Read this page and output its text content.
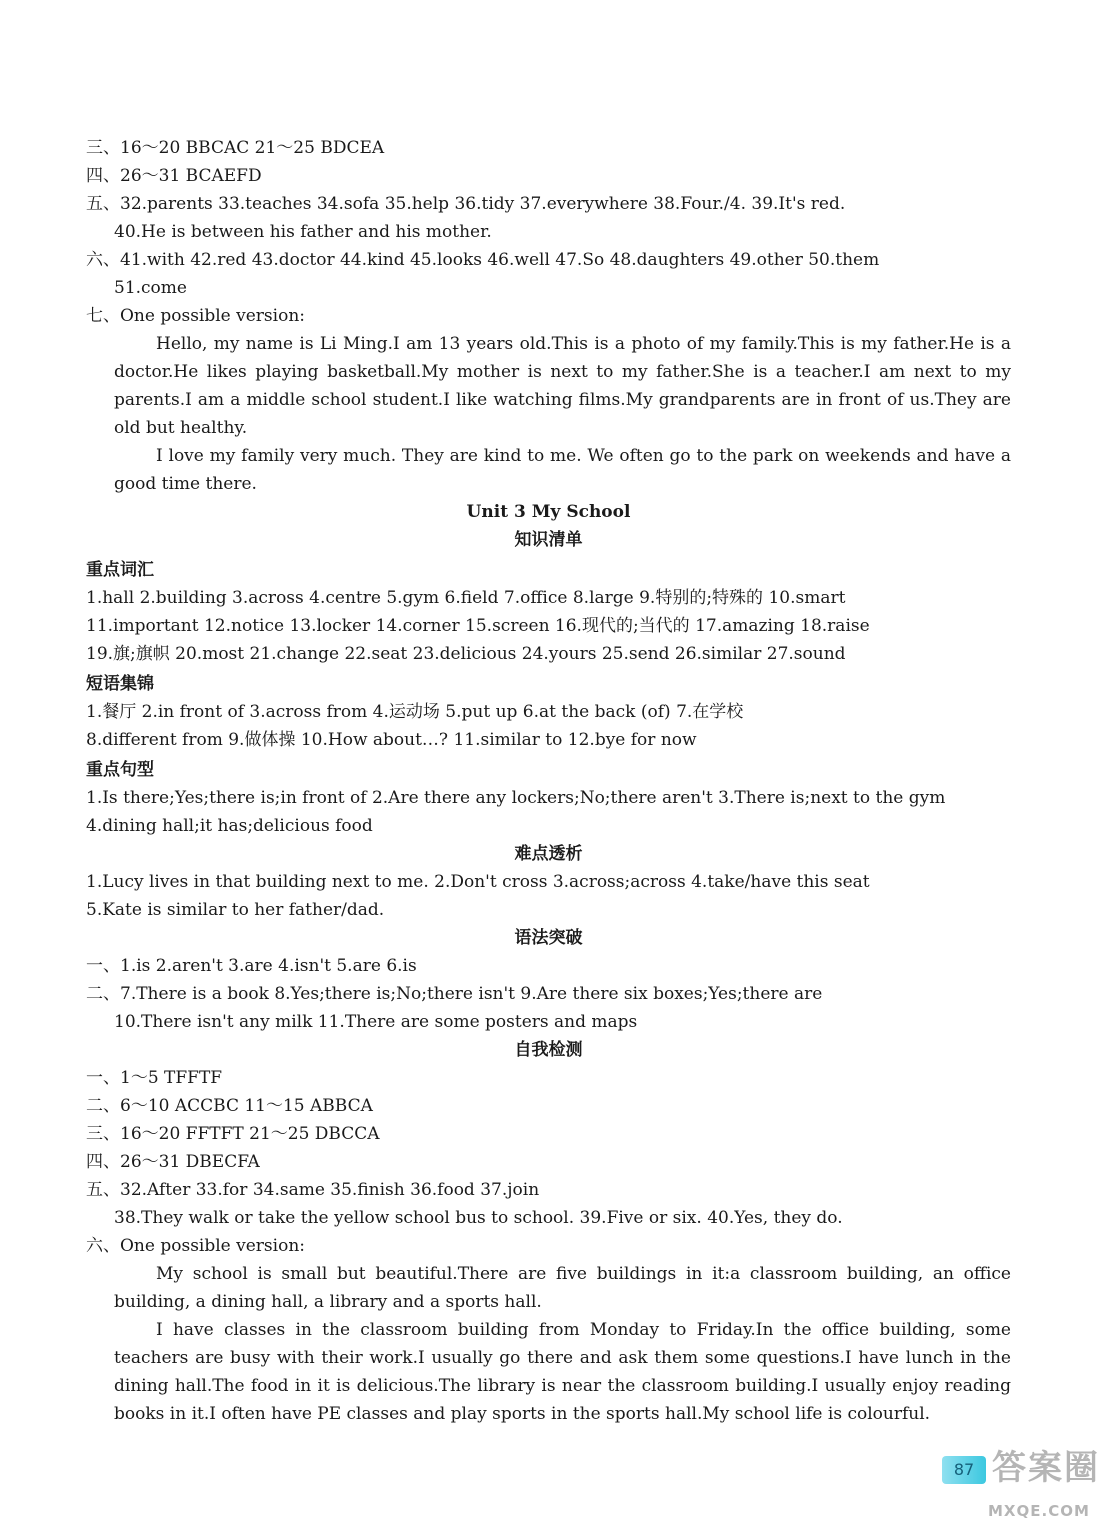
三、16～20 BBCAC 21～25 BDCEA
四、26～31 BCAEFD
五、32.parents 33.teaches 34.sofa 35.help 36.tidy 37.everywhere 38.Four./4. 39.It's red.
40.He is between his father and his mother.
六、41.with 42.red 43.doctor 44.kind 45.looks 46.well 47.So 48.daughters 49.other 50.them
51.come
七、One possible version:
Hello, my name is Li Ming.I am 13 years old.This is a photo of my family.This is my father.He is a doctor.He likes playing basketball.My mother is next to my father.She is a teacher.I am next to my parents.I am a middle school student.I like watching films.My grandparents are in front of us.They are old but healthy.
I love my family very much. They are kind to me. We often go to the park on weekends and have a good time there.
Unit 3 My School
知识清单
重点词汇
1.hall 2.building 3.across 4.centre 5.gym 6.field 7.office 8.large 9.特别的;特殊的 10.smart
11.important 12.notice 13.locker 14.corner 15.screen 16.现代的;当代的 17.amazing 18.raise
19.旗;旗帜 20.most 21.change 22.seat 23.delicious 24.yours 25.send 26.similar 27.sound
短语集锦
1.餐厅 2.in front of 3.across from 4.运动场 5.put up 6.at the back (of) 7.在学校
8.different from 9.做体操 10.How about…? 11.similar to 12.bye for now
重点句型
1.Is there;Yes;there is;in front of 2.Are there any lockers;No;there aren't 3.There is;next to the gym
4.dining hall;it has;delicious food
难点透析
1.Lucy lives in that building next to me. 2.Don't cross 3.across;across 4.take/have this seat
5.Kate is similar to her father/dad.
语法突破
一、1.is 2.aren't 3.are 4.isn't 5.are 6.is
二、7.There is a book 8.Yes;there is;No;there isn't 9.Are there six boxes;Yes;there are
10.There isn't any milk 11.There are some posters and maps
自我检测
一、1～5 TFFTF
二、6～10 ACCBC 11～15 ABBCA
三、16～20 FFTFT 21～25 DBCCA
四、26～31 DBECFA
五、32.After 33.for 34.same 35.finish 36.food 37.join
38.They walk or take the yellow school bus to school. 39.Five or six. 40.Yes, they do.
六、One possible version:
My school is small but beautiful.There are five buildings in it:a classroom building, an office building, a dining hall, a library and a sports hall.
I have classes in the classroom building from Monday to Friday.In the office building, some teachers are busy with their work.I usually go there and ask them some questions.I have lunch in the dining hall.The food in it is delicious.The library is near the classroom building.I usually enjoy reading books in it.I often have PE classes and play sports in the sports hall.My school life is colourful.
87 答案圈
MXQE.COM
